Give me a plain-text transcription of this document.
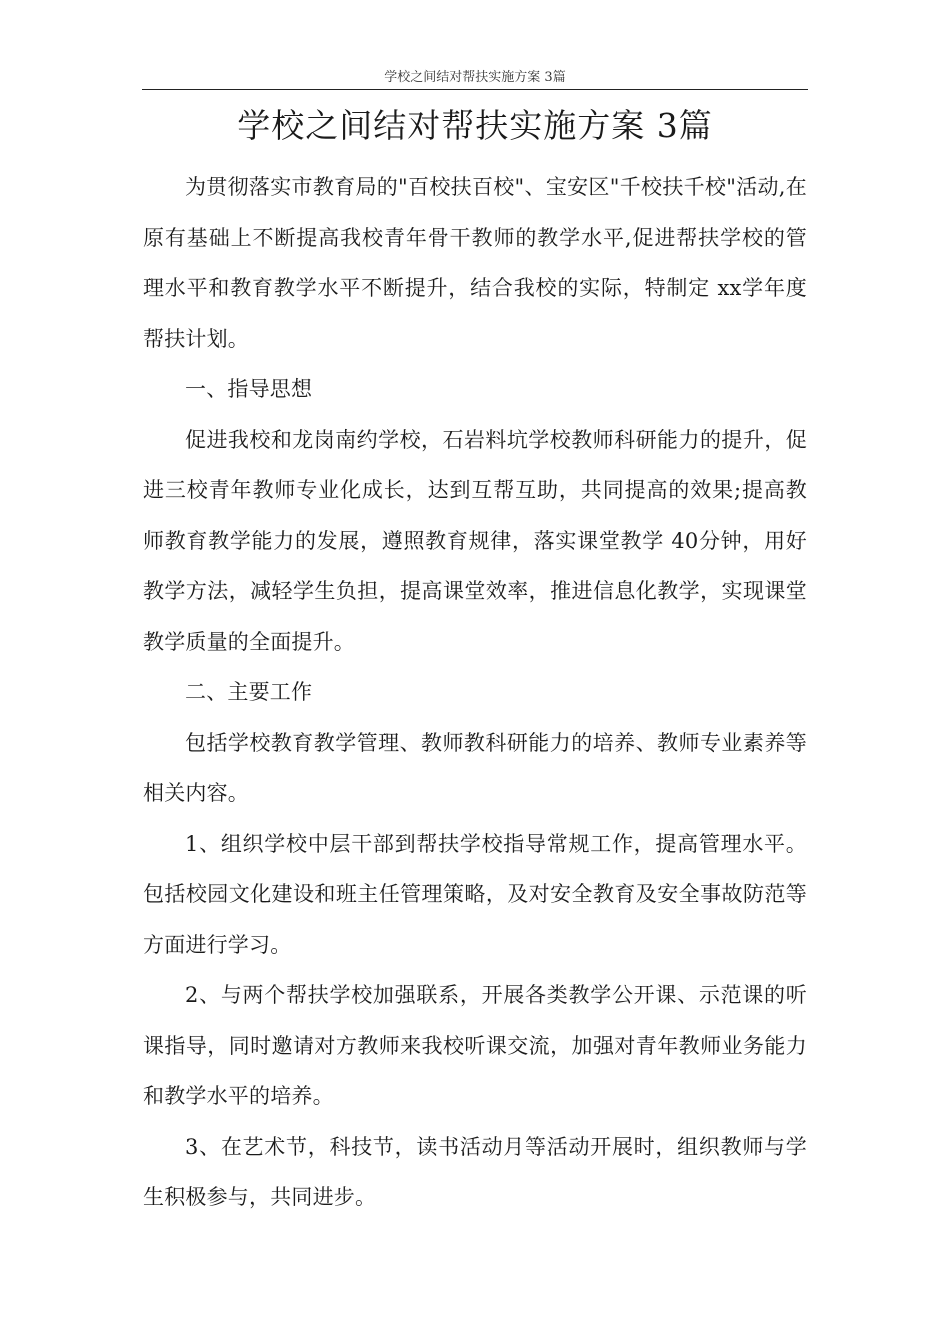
学校之间结对帮扶实施方案 3篇
学校之间结对帮扶实施方案 3篇

为贯彻落实市教育局的"百校扶百校"、宝安区"千校扶千校"活动,在原有基础上不断提高我校青年骨干教师的教学水平,促进帮扶学校的管理水平和教育教学水平不断提升，结合我校的实际，特制定 xx学年度帮扶计划。

一、指导思想

促进我校和龙岗南约学校，石岩料坑学校教师科研能力的提升，促进三校青年教师专业化成长，达到互帮互助，共同提高的效果;提高教师教育教学能力的发展，遵照教育规律，落实课堂教学 40分钟，用好教学方法，减轻学生负担，提高课堂效率，推进信息化教学，实现课堂教学质量的全面提升。

二、主要工作

包括学校教育教学管理、教师教科研能力的培养、教师专业素养等相关内容。

1、组织学校中层干部到帮扶学校指导常规工作，提高管理水平。包括校园文化建设和班主任管理策略，及对安全教育及安全事故防范等方面进行学习。

2、与两个帮扶学校加强联系，开展各类教学公开课、示范课的听课指导，同时邀请对方教师来我校听课交流，加强对青年教师业务能力和教学水平的培养。

3、在艺术节，科技节，读书活动月等活动开展时，组织教师与学生积极参与，共同进步。
